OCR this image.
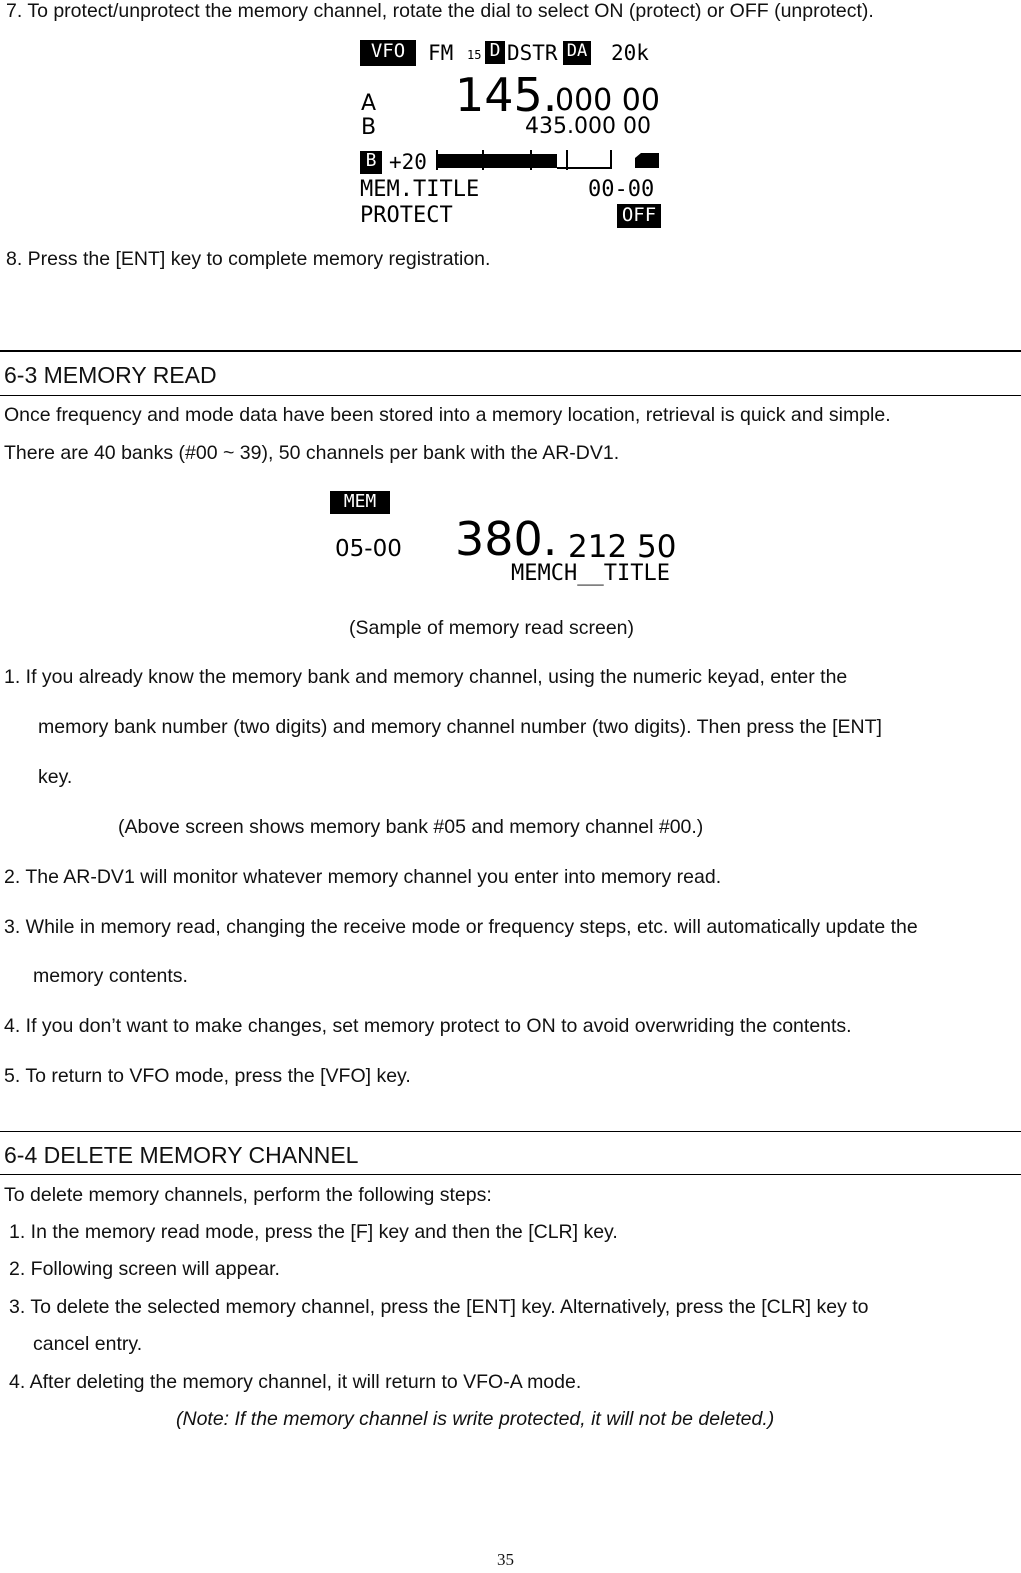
7. To protect/unprotect the memory channel, rotate the dial to select ON (protect) or OFF (unprotect).
VFO	FM 15 D DSTR DA 20k
A
B
145.
000 00
435.000 00
B +20
MEM.TITLE	00-00
PROTECT	OFF
8. Press the [ENT] key to complete memory registration.
6-3 MEMORY READ
Once frequency and mode data have been stored into a memory location, retrieval is quick and simple.
There are 40 banks (#00 ~ 39), 50 channels per bank with the AR-DV1.
MEM
05-00 380. 212 50
MEMCH__TITLE
(Sample of memory read screen)
1. If you already know the memory bank and memory channel, using the numeric keyad, enter the
memory bank number (two digits) and memory channel number (two digits). Then press the [ENT]
key.
(Above screen shows memory bank #05 and memory channel #00.)
2. The AR-DV1 will monitor whatever memory channel you enter into memory read.
3. While in memory read, changing the receive mode or frequency steps, etc. will automatically update the
memory contents.
4. If you don’t want to make changes, set memory protect to ON to avoid overwriding the contents.
5. To return to VFO mode, press the [VFO] key.
6-4 DELETE MEMORY CHANNEL
To delete memory channels, perform the following steps:
1. In the memory read mode, press the [F] key and then the [CLR] key.
2. Following screen will appear.
3. To delete the selected memory channel, press the [ENT] key. Alternatively, press the [CLR] key to
cancel entry.
4. After deleting the memory channel, it will return to VFO-A mode.
(Note: If the memory channel is write protected, it will not be deleted.)
35
